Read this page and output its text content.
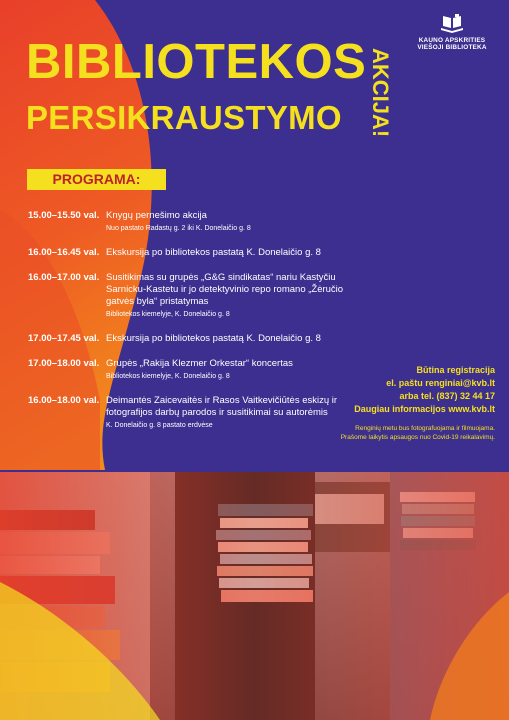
KAUNO APSKRITIES
VIEŠOJI BIBLIOTEKA
BIBLIOTEKOS
PERSIKRAUSTYMO AKCIJA!
PROGRAMA:
15.00–15.50 val. Knygų pernešimo akcija
Nuo pastato Radastų g. 2 iki K. Donelaičio g. 8
16.00–16.45 val. Ekskursija po bibliotekos pastatą K. Donelaičio g. 8
16.00–17.00 val. Susitikimas su grupės „G&G sindikatas“ nariu Kastyčiu Sarnicku-Kastetu ir jo detektyvinio repo romano „Žėručio gatvės byla“ pristatymas
Bibliotekos kiemelyje, K. Donelaičio g. 8
17.00–17.45 val. Ekskursija po bibliotekos pastatą K. Donelaičio g. 8
17.00–18.00 val. Grupės „Rakija Klezmer Orkestar“ koncertas
Bibliotekos kiemelyje, K. Donelaičio g. 8
16.00–18.00 val. Deimantės Zaicevaitės ir Rasos Vaitkevičiūtės eskizų ir fotografijos darbų parodos ir susitikimai su autorėmis
K. Donelaičio g. 8 pastato erdvėse
Būtina registracija
el. paštu renginiai@kvb.lt
arba tel. (837) 32 44 17
Daugiau informacijos www.kvb.lt
Renginių metu bus fotografuojama ir filmuojama.
Prašome laikytis apsaugos nuo Covid-19 reikalavimų.
